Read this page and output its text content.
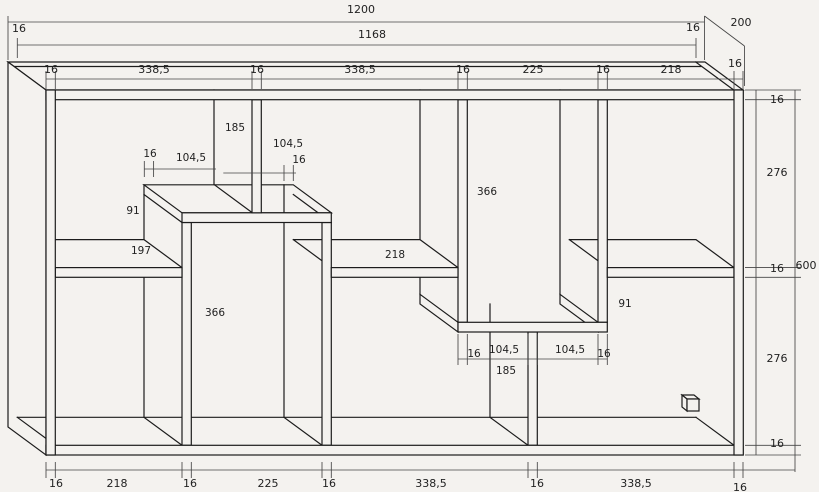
1200
16	1168
16	200
16	338,5	16	338,5	16	225	16	218	16
16
276
16
276
16
600
16	218	16	225	16	338,5	16	338,5	16
185
16 104,5
104,5
16
91
197
366
218
366
91
16 104,5	104,5 16
185
